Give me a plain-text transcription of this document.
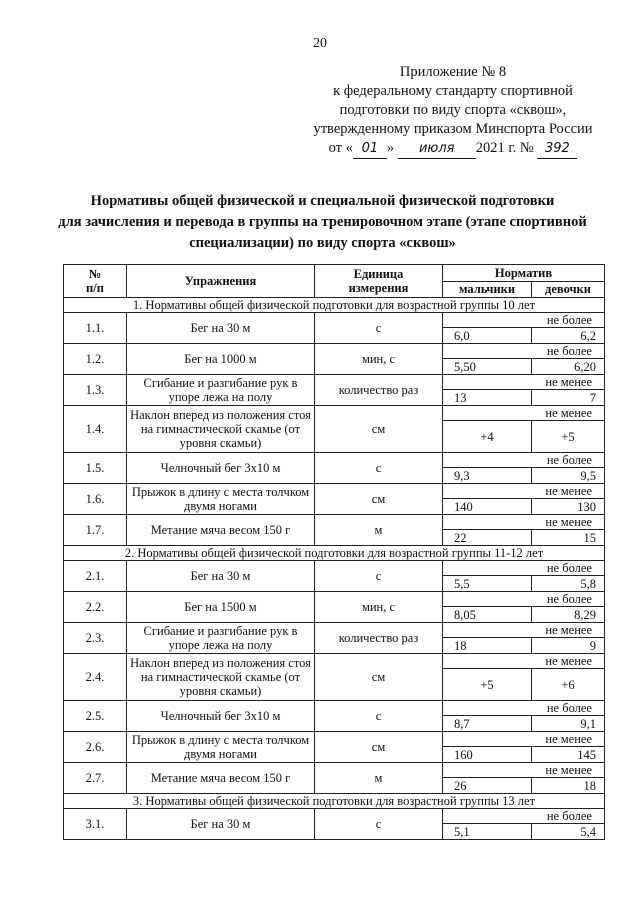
20
Приложение № 8
к федеральному стандарту спортивной
подготовки по виду спорта «сквош»,
утвержденному приказом Минспорта России
от « 01 » июля 2021 г. № 392
Нормативы общей физической и специальной физической подготовки
для зачисления и перевода в группы на тренировочном этапе (этапе спортивной
специализации) по виду спорта «сквош»
№
п/п	Упражнения	Единица
измерения	Норматив	
			мальчики	девочки
1. Нормативы общей физической подготовки для возрастной группы 10 лет				
1.1.	Бег на 30 м	с	не более	
			6,0	6,2
1.2.	Бег на 1000 м	мин, с	не более	
			5,50	6,20
1.3.	Сгибание и разгибание рук в упоре лежа на полу	количество раз	не менее	
			13	7
1.4.	Наклон вперед из положения стоя на гимнастической скамье (от уровня скамьи)	см	не менее	
			+4	+5
1.5.	Челночный бег 3x10 м	с	не более	
			9,3	9,5
1.6.	Прыжок в длину с места толчком двумя ногами	см	не менее	
			140	130
1.7.	Метание мяча весом 150 г	м	не менее	
			22	15
2. Нормативы общей физической подготовки для возрастной группы 11-12 лет				
2.1.	Бег на 30 м	с	не более	
			5,5	5,8
2.2.	Бег на 1500 м	мин, с	не более	
			8,05	8,29
2.3.	Сгибание и разгибание рук в упоре лежа на полу	количество раз	не менее	
			18	9
2.4.	Наклон вперед из положения стоя на гимнастической скамье (от уровня скамьи)	см	не менее	
			+5	+6
2.5.	Челночный бег 3x10 м	с	не более	
			8,7	9,1
2.6.	Прыжок в длину с места толчком двумя ногами	см	не менее	
			160	145
2.7.	Метание мяча весом 150 г	м	не менее	
			26	18
3. Нормативы общей физической подготовки для возрастной группы 13 лет				
3.1.	Бег на 30 м	с	не более	
			5,1	5,4
